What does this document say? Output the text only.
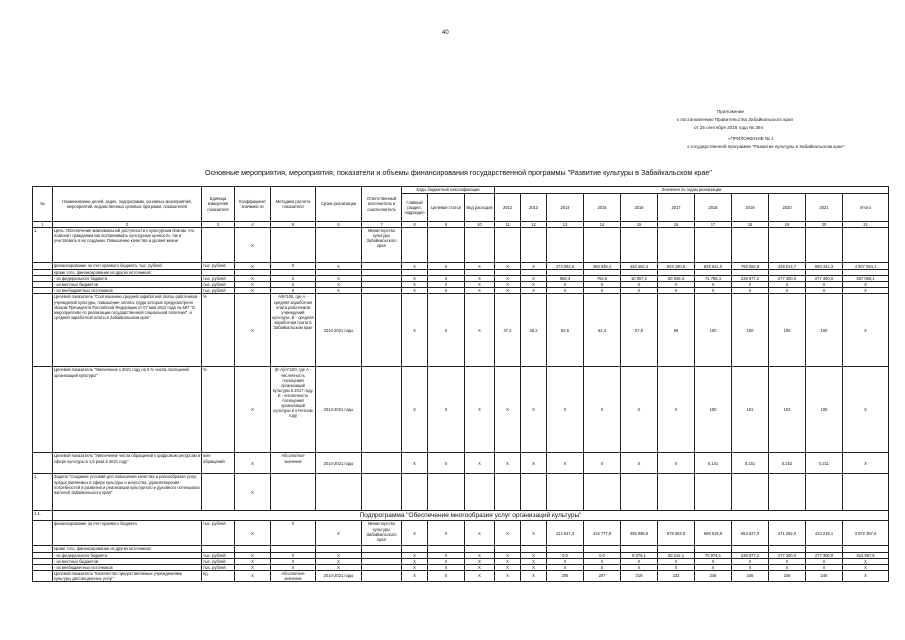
40
Приложение
к постановлению Правительства Забайкальского края
от 25 сентября 2018 года № 394
«ПРИЛОЖЕНИЕ № 1
к государственной программе "Развитие культуры в Забайкальском крае"
Основные мероприятия, мероприятия, показатели и объемы финансирования государственной программы "Развитие культуры в Забайкальском крае"
№	Наименование целей, задач, подпрограмм, основных мероприятий, мероприятий, ведомственных целевых программ, показателей	Единица измерения показателя	Коэффициент значимости	Методика расчета показателя	Сроки реализации	Ответственный исполнитель и соисполнитель	Коды бюджетной классификации			Значения по годам реализации										
							Главный раздел, подраздел	Целевая статья	Вид расходов	2012	2013	2014	2015	2016	2017	2018	2019	2020	2021	Итого
1	2	3	4	5	6	7	8	9	10	11	12	13	14	15	16	17	18	19	20	21
1.	Цель: Обеспечение максимальной доступности к культурным благам, что позволит гражданам как воспринимать культурные ценности, так и участвовать в их создании. Повышение качества и уровня жизни		X			Министерство культуры Забайкальского края														
	финансирование за счет краевого бюджета, тыс. рублей	тыс. рублей	X	X	X		X	X	X	X	X	474 082,6	450 948,4	446 452,4	504 190,5	828 641,0	765 082,8	429 014,7	590 441,3	4 907 084,1
	кроме того, финансирование из других источников:																			
	- из федерального бюджета	тыс. рублей	X	X	X		X	X	X	X	X	868,3	764,6	10 057,2	60 045,3	71 755,4	238 977,2	277 300,0	277 300,0	937 068,1
	- из местных бюджетов	тыс. рублей	X	X	X		X	X	X	X	X	X	X	X	X	X	X	X	X	X
	- из внебюджетных источников	тыс. рублей	X	X	X		X	X	X	X	X	X	X	X	X	X	X	X	X	X
	Целевой показатель "Соотношение средней заработной платы работников учреждений культуры, повышение оплаты труда которых предусмотрено Указом Президента Российской Федерации от 07 мая 2012 года № 597 "О мероприятиях по реализации государственной социальной политики", и средней заработной платы в Забайкальском крае"	%	X	А/Б*100, где А - средняя заработная плата работников учреждений культуры; Б - средняя заработная плата в Забайкальском крае	2014-2021 годы		X	X	X	47,2	48,2	52,5	62,4	57,6	69	100	100	100	100	X
	Целевой показатель "Увеличение к 2021 году на 5 % числа посещений организаций культуры"	%	X	(Е-А)/А*100, где А - численность посещений организаций культуры в 2017 году, Е - численность посещений организаций культуры в отчетном году	2014-2021 годы		X	X	X	X	X	X	X	X	X	100	101	103	105	X
	Целевой показатель "Увеличение числа обращений к цифровым ресурсам в сфере культуры в 1,5 раза в 2021 году"	млн обращений	X	Абсолютное значение	2014-2021 годы		X	X	X	X	X	X	X	X	X	0,141	0,151	0,162	0,211	X
1.	Задача "Создание условий для повышения качества и разнообразия услуг, предоставляемых в сфере культуры и искусства, удовлетворения потребностей в развитии и реализации культурного и духовного потенциала жителей Забайкальского края"		X																	
1.1.	Подпрограмма "Обеспечение многообразия услуг организаций культуры"																			
	финансирование за счет краевого бюджета	тыс. рублей	X	X	X	Министерство культуры Забайкальского края	X	X	X	X	X	414 547,3	415 777,8	395 995,6	578 303,5	699 519,9	653 627,0	471 282,0	433 219,1	3 972 397,6
	кроме того, финансирование из других источников:																			
	- из федерального бюджета	тыс. рублей	X	X	X		X	X	X	X	X	0,0	0,0	9 279,1	50 212,1	70 974,1	238 977,2	277 300,0	277 300,0	912 997,5
	- из местных бюджетов	тыс. рублей	X	X	X		X	X	X	X	X	X	X	X	X	X	X	X	X	X
	- из внебюджетных источников	тыс. рублей	X	X	X		X	X	X	X	X	X	X	X	X	X	X	X	X	X
	Целевой показатель "Количество предоставляемых учреждениями культуры дистанционных услуг"	ед.	X	Абсолютное значение	2014-2021 годы		X	X	X	X	X	205	207	219	232	246	246	246	246	X
